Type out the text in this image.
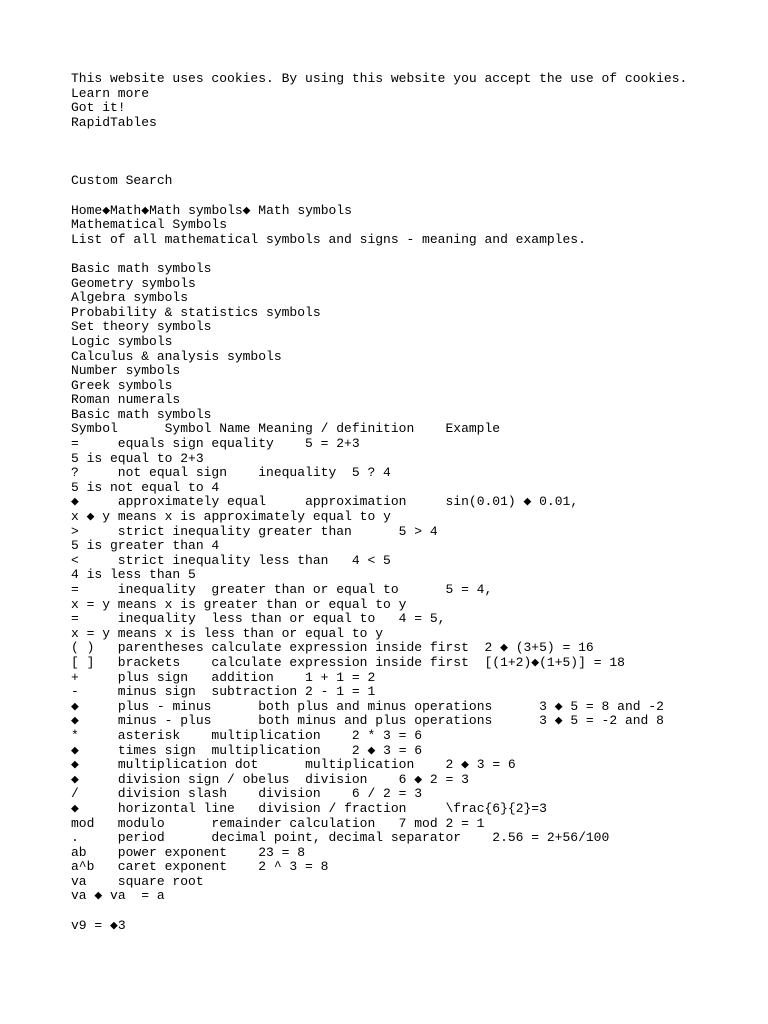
This website uses cookies. By using this website you accept the use of cookies.
Learn more
Got it!
RapidTables
Custom Search
Home◆Math◆Math symbols◆ Math symbols
Mathematical Symbols
List of all mathematical symbols and signs - meaning and examples.
Basic math symbols
Geometry symbols
Algebra symbols
Probability & statistics symbols
Set theory symbols
Logic symbols
Calculus & analysis symbols
Number symbols
Greek symbols
Roman numerals
Basic math symbols
Symbol      Symbol Name Meaning / definition    Example
=     equals sign equality    5 = 2+3
5 is equal to 2+3
?     not equal sign    inequality  5 ? 4
5 is not equal to 4
◆     approximately equal     approximation     sin(0.01) ◆ 0.01,
x ◆ y means x is approximately equal to y
>     strict inequality greater than      5 > 4
5 is greater than 4
<     strict inequality less than   4 < 5
4 is less than 5
=     inequality  greater than or equal to      5 = 4,
x = y means x is greater than or equal to y
=     inequality  less than or equal to   4 = 5,
x = y means x is less than or equal to y
( )   parentheses calculate expression inside first  2 ◆ (3+5) = 16
[ ]   brackets    calculate expression inside first  [(1+2)◆(1+5)] = 18
+     plus sign   addition    1 + 1 = 2
-     minus sign  subtraction 2 - 1 = 1
◆     plus - minus      both plus and minus operations      3 ◆ 5 = 8 and -2
◆     minus - plus      both minus and plus operations      3 ◆ 5 = -2 and 8
*     asterisk    multiplication    2 * 3 = 6
◆     times sign  multiplication    2 ◆ 3 = 6
◆     multiplication dot      multiplication    2 ◆ 3 = 6
◆     division sign / obelus  division    6 ◆ 2 = 3
/     division slash    division    6 / 2 = 3
◆     horizontal line   division / fraction     \frac{6}{2}=3
mod   modulo      remainder calculation   7 mod 2 = 1
.     period      decimal point, decimal separator    2.56 = 2+56/100
ab    power exponent    23 = 8
a^b   caret exponent    2 ^ 3 = 8
va    square root
va ◆ va  = a
v9 = ◆3
